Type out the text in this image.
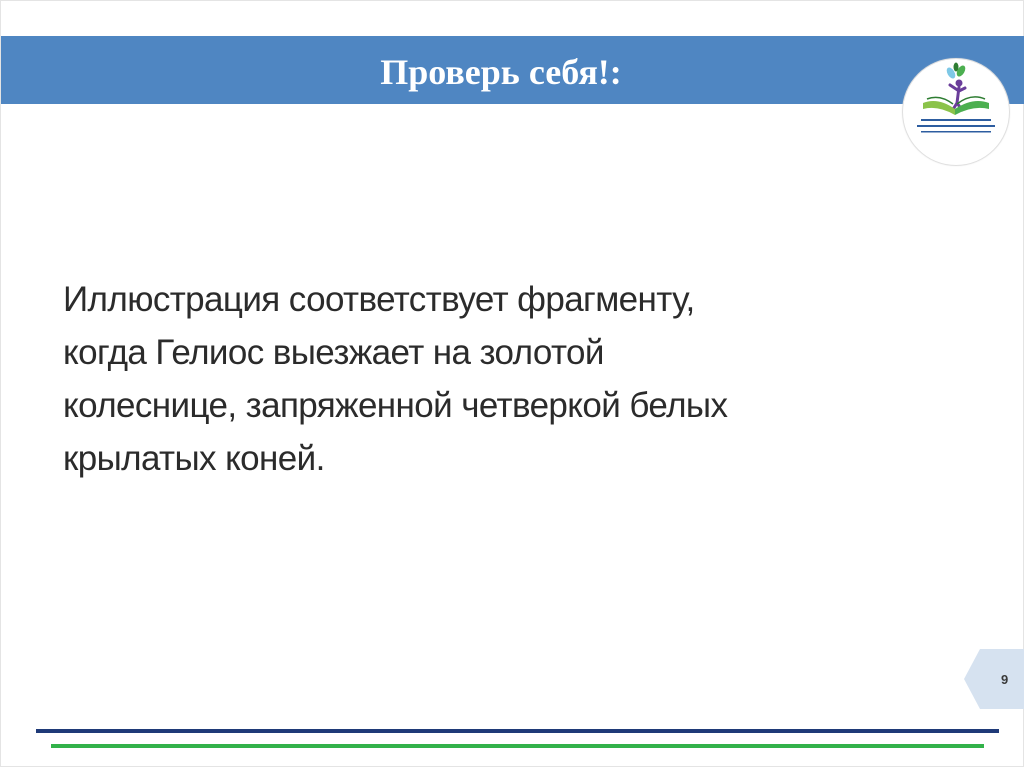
Проверь себя!:

Иллюстрация соответствует фрагменту,
когда Гелиос выезжает на золотой
колеснице, запряженной четверкой белых
крылатых коней.

9
